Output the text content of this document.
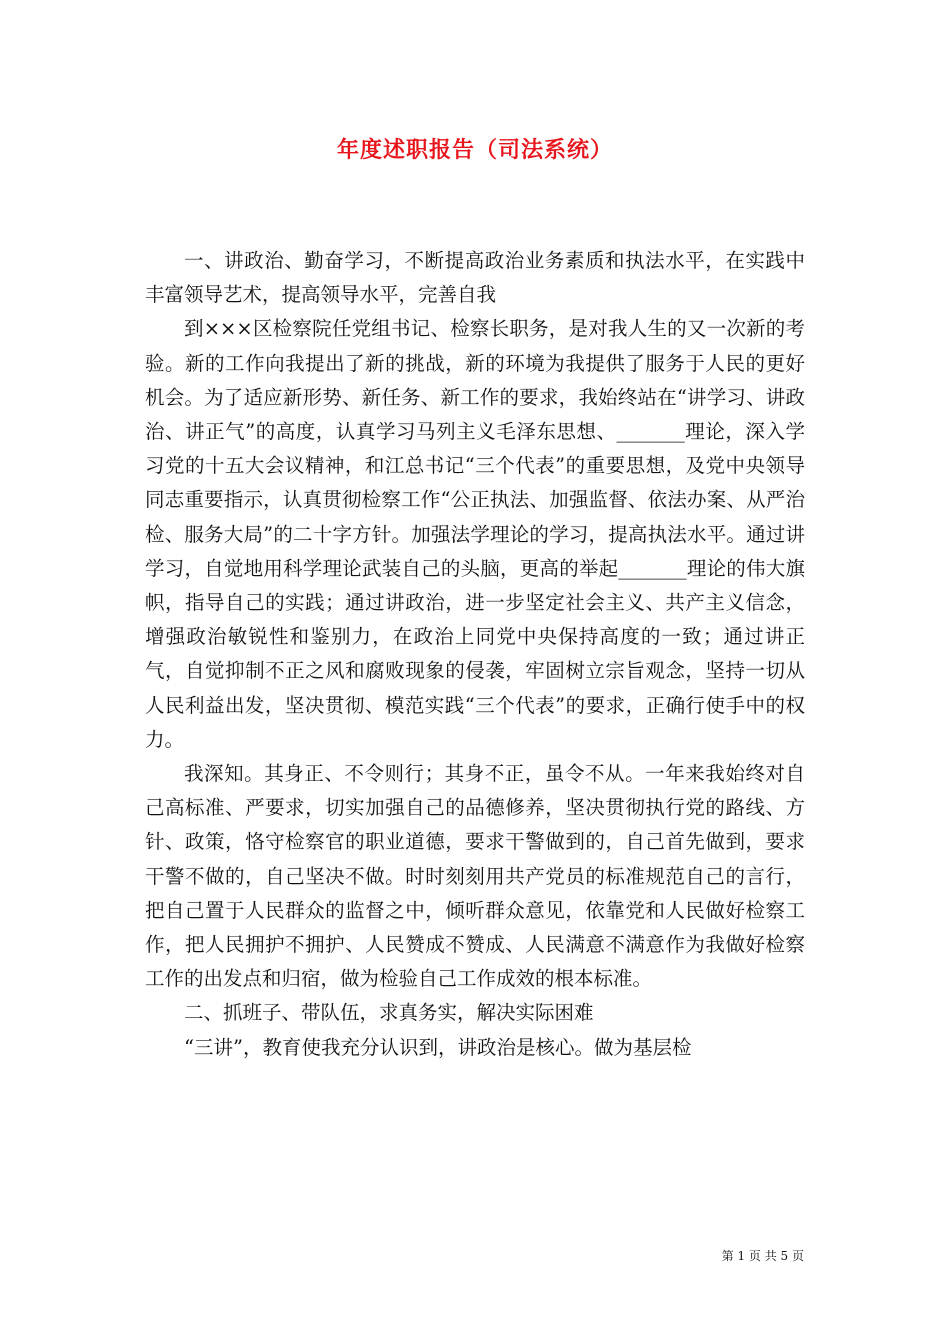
年度述职报告（司法系统）

一、讲政治、勤奋学习，不断提高政治业务素质和执法水平，在实践中丰富领导艺术，提高领导水平，完善自我

到×××区检察院任党组书记、检察长职务，是对我人生的又一次新的考验。新的工作向我提出了新的挑战，新的环境为我提供了服务于人民的更好机会。为了适应新形势、新任务、新工作的要求，我始终站在“讲学习、讲政治、讲正气”的高度，认真学习马列主义毛泽东思想、_______理论，深入学习党的十五大会议精神，和江总书记“三个代表”的重要思想，及党中央领导同志重要指示，认真贯彻检察工作“公正执法、加强监督、依法办案、从严治检、服务大局”的二十字方针。加强法学理论的学习，提高执法水平。通过讲学习，自觉地用科学理论武装自己的头脑，更高的举起_______理论的伟大旗帜，指导自己的实践；通过讲政治，进一步坚定社会主义、共产主义信念，增强政治敏锐性和鉴别力，在政治上同党中央保持高度的一致；通过讲正气，自觉抑制不正之风和腐败现象的侵袭，牢固树立宗旨观念，坚持一切从人民利益出发，坚决贯彻、模范实践“三个代表”的要求，正确行使手中的权力。

我深知。其身正、不令则行；其身不正，虽令不从。一年来我始终对自己高标准、严要求，切实加强自己的品德修养，坚决贯彻执行党的路线、方针、政策，恪守检察官的职业道德，要求干警做到的，自己首先做到，要求干警不做的，自己坚决不做。时时刻刻用共产党员的标准规范自己的言行，把自己置于人民群众的监督之中，倾听群众意见，依靠党和人民做好检察工作，把人民拥护不拥护、人民赞成不赞成、人民满意不满意作为我做好检察工作的出发点和归宿，做为检验自己工作成效的根本标准。

二、抓班子、带队伍，求真务实，解决实际困难

“三讲”，教育使我充分认识到，讲政治是核心。做为基层检

第 1 页 共 5 页
